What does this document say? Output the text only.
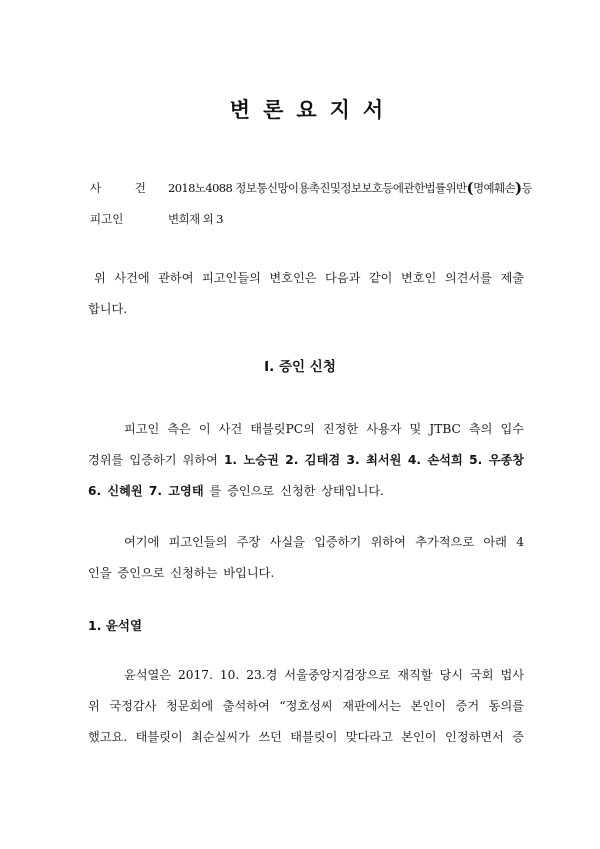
변론요지서
사 건 2018노4088 정보통신망이용촉진및정보보호등에관한법률위반(명예훼손)등
피고인	변희재 외 3
위 사건에 관하여 피고인들의 변호인은 다음과 같이 변호인 의견서를 제출
합니다.
Ⅰ. 증인 신청
피고인 측은 이 사건 태블릿PC의 진정한 사용자 및 JTBC 측의 입수
경위를 입증하기 위하여 1. 노승권 2. 김태겸 3. 최서원 4. 손석희 5. 우종창
6. 신혜원 7. 고영태 를 증인으로 신청한 상태입니다.
여기에 피고인들의 주장 사실을 입증하기 위하여 추가적으로 아래 4
인을 증인으로 신청하는 바입니다.
1. 윤석열
윤석열은 2017. 10. 23.경 서울중앙지검장으로 재직할 당시 국회 법사
위 국정감사 청문회에 출석하여 “정호성씨 재판에서는 본인이 증거 동의를
했고요. 태블릿이 최순실씨가 쓰던 태블릿이 맞다라고 본인이 인정하면서 증
